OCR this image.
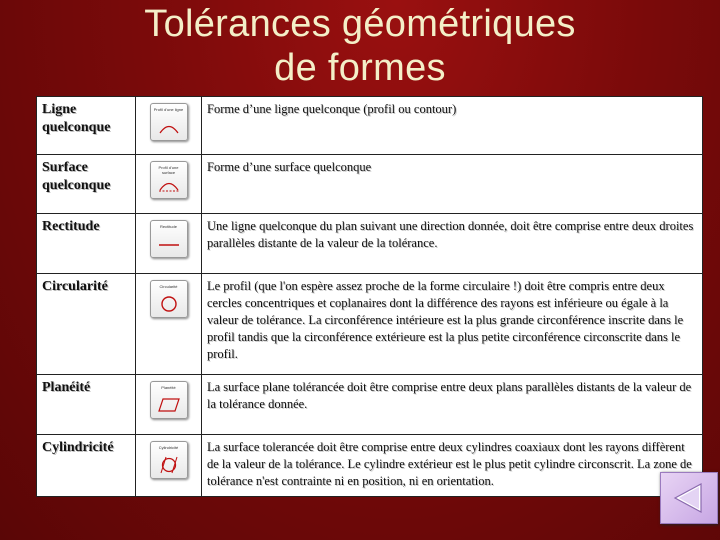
Tolérances géométriques
de formes
Ligne quelconque	Profil d'une ligne	Forme d’une ligne quelconque (profil ou contour)
Surface quelconque	Profil d'une surface	Forme d’une surface quelconque
Rectitude	Rectitude	Une ligne quelconque du plan suivant une direction donnée, doit être comprise entre deux droites parallèles distante de la valeur de la tolérance.
Circularité	Circularité	Le profil (que l'on espère assez proche de la forme circulaire !) doit être compris entre deux cercles concentriques et coplanaires dont la différence des rayons est inférieure ou égale à la valeur de tolérance. La circonférence intérieure est la plus grande circonférence inscrite dans le profil tandis que la circonférence extérieure est la plus petite circonférence circonscrite dans le profil.
Planéité	Planéité	La surface plane tolérancée doit être comprise entre deux plans parallèles distants de la valeur de la tolérance donnée.
Cylindricité	Cylindricité	La surface tolerancée doit être comprise entre deux cylindres coaxiaux dont les rayons diffèrent de la valeur de la tolérance. Le cylindre extérieur est le plus petit cylindre circonscrit. La zone de tolérance n'est contrainte ni en position, ni en orientation.
